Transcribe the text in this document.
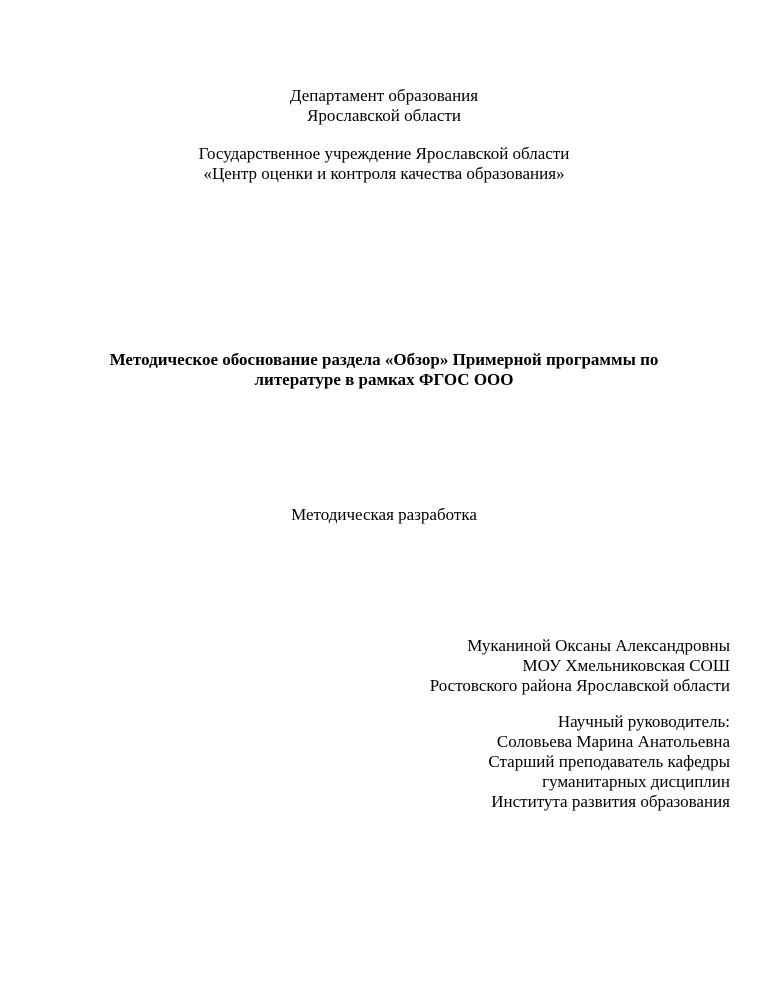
Департамент образования
Ярославской области
Государственное учреждение Ярославской области
«Центр оценки и контроля качества образования»
Методическое обоснование раздела «Обзор» Примерной программы по
литературе в рамках ФГОС ООО
Методическая разработка
Муканиной Оксаны Александровны
МОУ Хмельниковская СОШ
Ростовского района Ярославской области
Научный руководитель:
Соловьева Марина Анатольевна
Старший преподаватель кафедры
гуманитарных дисциплин
Института развития образования
